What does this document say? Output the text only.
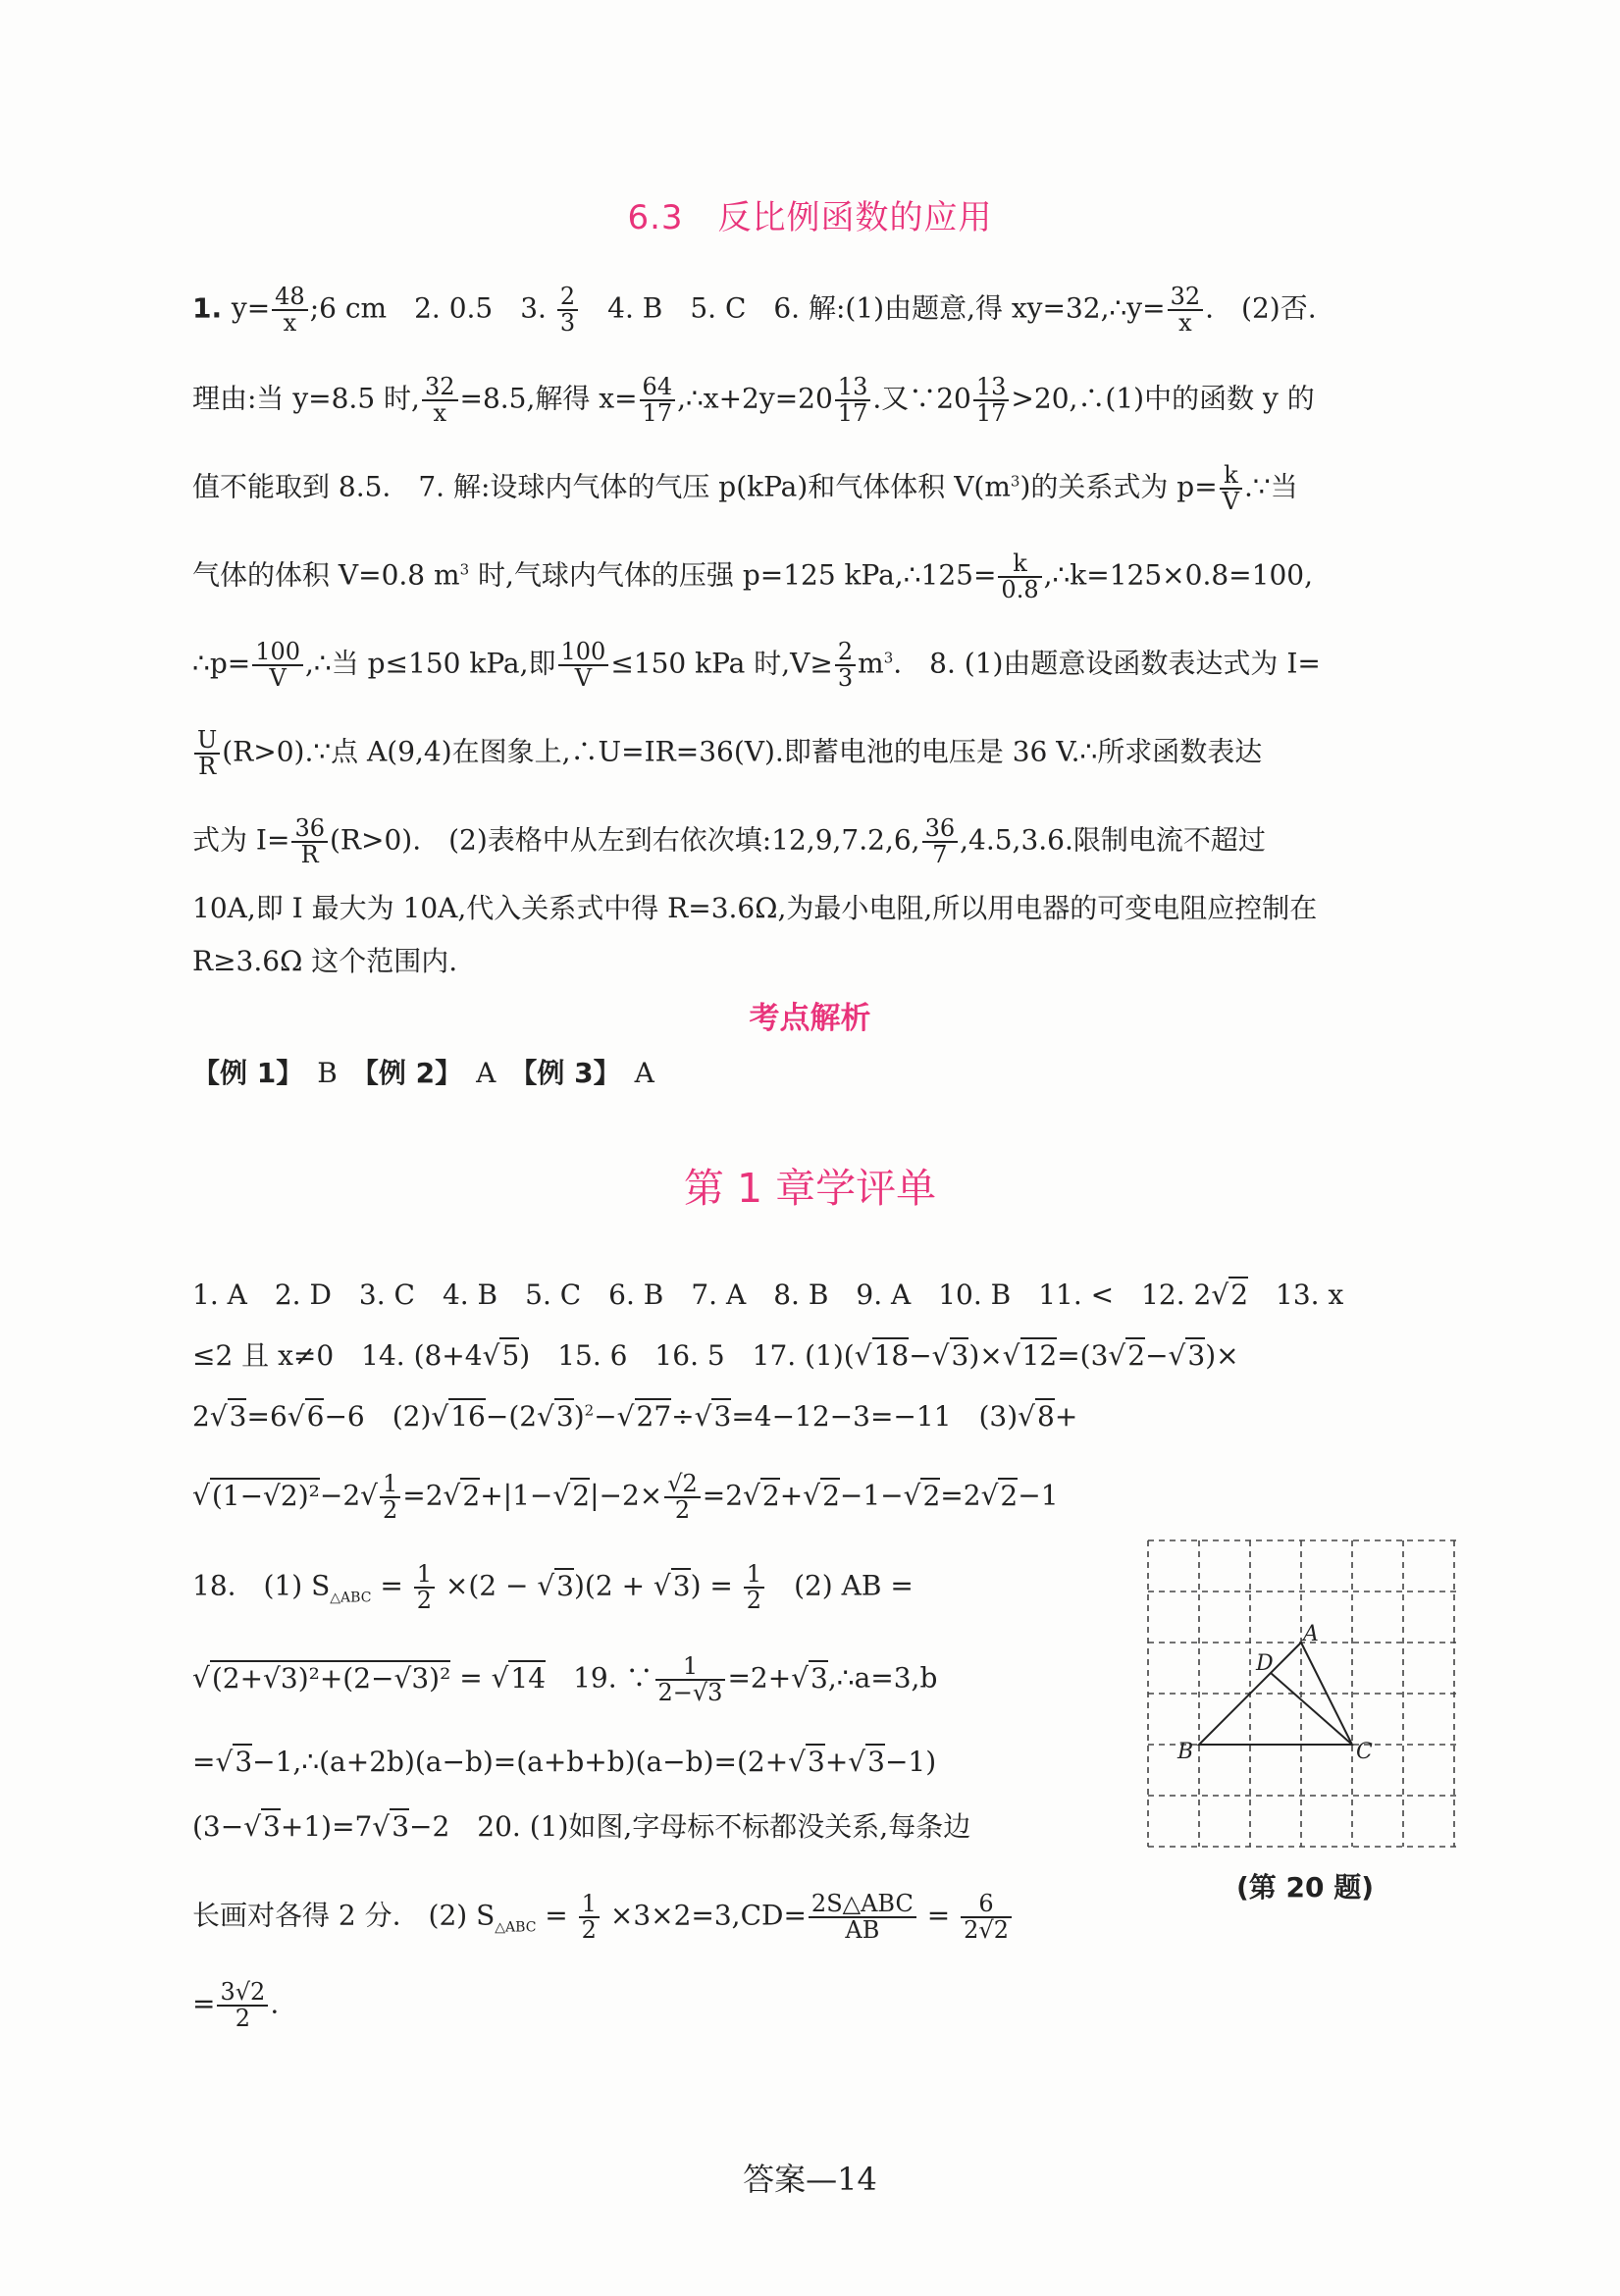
6.3　反比例函数的应用
1. $y= \frac{48}{x}$ ;6 cm　2. 0.5　3. $\frac{2}{3}$ 　4. B　5. C　6. 解:(1)由题意,得 xy=32,∴y= $\frac{32}{x}$ .　(2)否.
理由:当 y=8.5 时, $\frac{32}{x} =8.5$,解得 $x= \frac{64}{17}$ ,∴x+2y=20 $\frac{13}{17}$ .又∵20 $\frac{13}{17}$ >20,∴(1)中的函数 y 的
值不能取到 8.5.　7. 解:设球内气体的气压 p(kPa)和气体体积 $V(m^3)$的关系式为 $p= \frac{k}{V}$ .∵当
气体的体积 V=0.8 $m^3$ 时,气球内气体的压强 p=125 kPa,∴125= $\frac{k}{0.8}$ ,∴k=125×0.8=100,
∴p= $\frac{100}{V}$ ,∴当 p≤150 kPa,即 $\frac{100}{V} \le 150$ kPa 时$,V\ge \frac{2}{3} m^3$.　8. (1)由题意设函数表达式为 I=
$\frac{U}{R}$ (R>0).∵点 A(9,4)在图象上,∴U=IR=36(V).即蓄电池的电压是 36 V.∴所求函数表达
式为 $I= \frac{36}{R} (R>0)$.　(2)表格中从左到右依次填:12,9,7.2,6, $\frac{36}{7} ,4.5,3.6$.限制电流不超过
10A,即 I 最大为 10A,代入关系式中得 R=3.6Ω,为最小电阻,所以用电器的可变电阻应控制在
R≥3.6Ω 这个范围内.
考点解析
【例 1】　 B　 【例 2】　 A　 【例 3】　 A
第 1 章学评单
1. A　2. D　3. C　4. B　5. C　6. B　7. A　8. B　9. A　10. B　11. <　12. 2√2　13. x
≤2 且 x≠0　14. (8+4√5)　15. 6　16. 5　17. (1)(√18−√3)×√12=(3√2−√3)×
2√3=6√6−6　$(2)√16-(2√3)^2-√27\div√3=4-12-3=-11$　(3)√8+
$√(1-√2)^2-2√ \frac{1}{2} =2√2+|1-√2|-2\times \frac{√2}{2} =2√2+√2-1-√2=2√2-1$
18.　(1) $S_{\triangle ABC} = \frac{1}{2} \times(2 - √3)(2 + √3) = \frac{1}{2}$ 　(2) AB =
√(2+√3)²+(2−√3)² = √14　19. ∵ $\frac{1}{2-√3}$ =2+√3,∴a=3,b
=√3−1,∴(a+2b)(a−b)=(a+b+b)(a−b)=(2+√3+√3−1)
(3−√3+1)=7√3−2　20. (1)如图,字母标不标都没关系,每条边
长画对各得 2 分.　(2) $S_{\triangle ABC} = \frac{1}{2} \times 3\times 2=3,CD= \frac{\text{2S△ABC}}{AB} = \frac{6}{2√2}$
= $\frac{3√2}{2}$ .
A
D
B	C
(第 20 题)
答案—14
